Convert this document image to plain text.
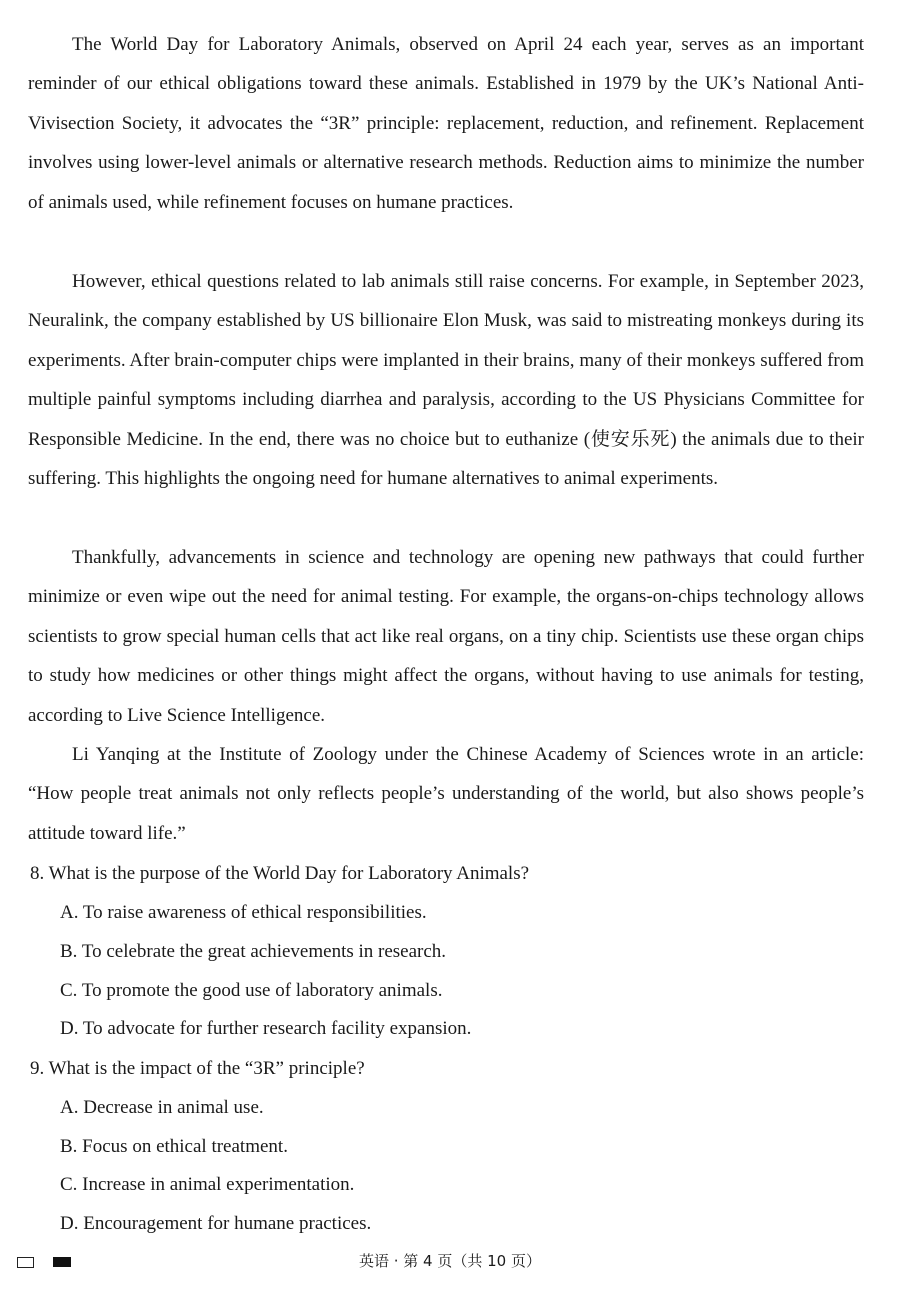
The World Day for Laboratory Animals, observed on April 24 each year, serves as an important reminder of our ethical obligations toward these animals. Established in 1979 by the UK’s National Anti-Vivisection Society, it advocates the “3R” principle: replacement, reduction, and refinement. Replacement involves using lower-level animals or alternative research methods. Reduction aims to minimize the number of animals used, while refinement focuses on humane practices.

However, ethical questions related to lab animals still raise concerns. For example, in September 2023, Neuralink, the company established by US billionaire Elon Musk, was said to mistreating monkeys during its experiments. After brain-computer chips were implanted in their brains, many of their monkeys suffered from multiple painful symptoms including diarrhea and paralysis, according to the US Physicians Committee for Responsible Medicine. In the end, there was no choice but to euthanize (使安乐死) the animals due to their suffering. This highlights the ongoing need for humane alternatives to animal experiments.

Thankfully, advancements in science and technology are opening new pathways that could further minimize or even wipe out the need for animal testing. For example, the organs-on-chips technology allows scientists to grow special human cells that act like real organs, on a tiny chip. Scientists use these organ chips to study how medicines or other things might affect the organs, without having to use animals for testing, according to Live Science Intelligence.

Li Yanqing at the Institute of Zoology under the Chinese Academy of Sciences wrote in an article: “How people treat animals not only reflects people’s understanding of the world, but also shows people’s attitude toward life.”

8. What is the purpose of the World Day for Laboratory Animals?

A. To raise awareness of ethical responsibilities.

B. To celebrate the great achievements in research.

C. To promote the good use of laboratory animals.

D. To advocate for further research facility expansion.

9. What is the impact of the “3R” principle?

A. Decrease in animal use.

B. Focus on ethical treatment.

C. Increase in animal experimentation.

D. Encouragement for humane practices.

英语 · 第 4 页（共 10 页）
